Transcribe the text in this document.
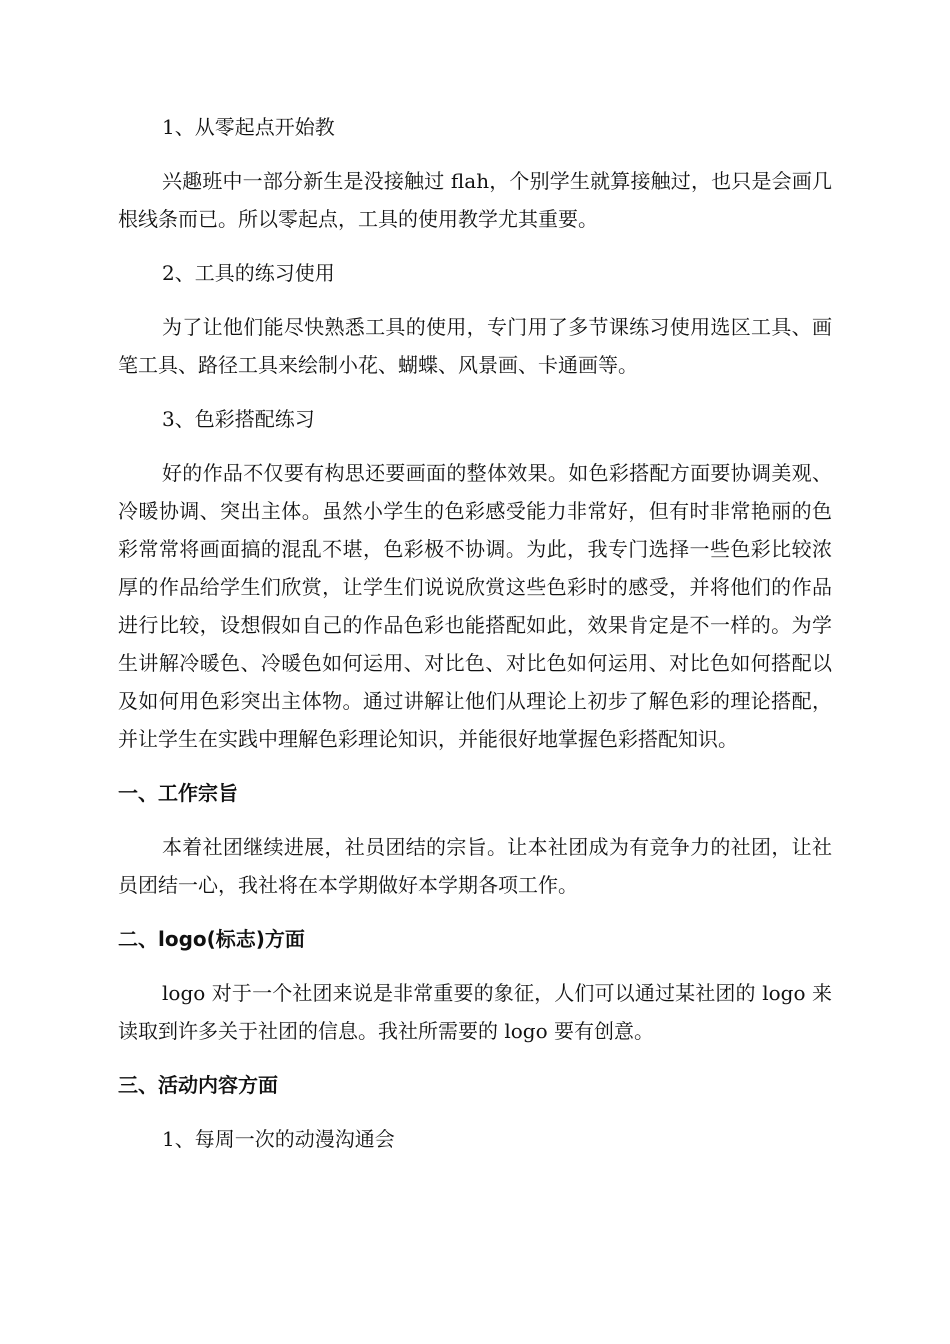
1、从零起点开始教

兴趣班中一部分新生是没接触过 flah，个别学生就算接触过，也只是会画几根线条而已。所以零起点，工具的使用教学尤其重要。

2、工具的练习使用

为了让他们能尽快熟悉工具的使用，专门用了多节课练习使用选区工具、画笔工具、路径工具来绘制小花、蝴蝶、风景画、卡通画等。

3、色彩搭配练习

好的作品不仅要有构思还要画面的整体效果。如色彩搭配方面要协调美观、冷暖协调、突出主体。虽然小学生的色彩感受能力非常好，但有时非常艳丽的色彩常常将画面搞的混乱不堪，色彩极不协调。为此，我专门选择一些色彩比较浓厚的作品给学生们欣赏，让学生们说说欣赏这些色彩时的感受，并将他们的作品进行比较，设想假如自己的作品色彩也能搭配如此，效果肯定是不一样的。为学生讲解冷暖色、冷暖色如何运用、对比色、对比色如何运用、对比色如何搭配以及如何用色彩突出主体物。通过讲解让他们从理论上初步了解色彩的理论搭配，并让学生在实践中理解色彩理论知识，并能很好地掌握色彩搭配知识。

一、工作宗旨

本着社团继续进展，社员团结的宗旨。让本社团成为有竞争力的社团，让社员团结一心，我社将在本学期做好本学期各项工作。

二、logo(标志)方面

logo 对于一个社团来说是非常重要的象征，人们可以通过某社团的 logo 来读取到许多关于社团的信息。我社所需要的 logo 要有创意。

三、活动内容方面

1、每周一次的动漫沟通会
